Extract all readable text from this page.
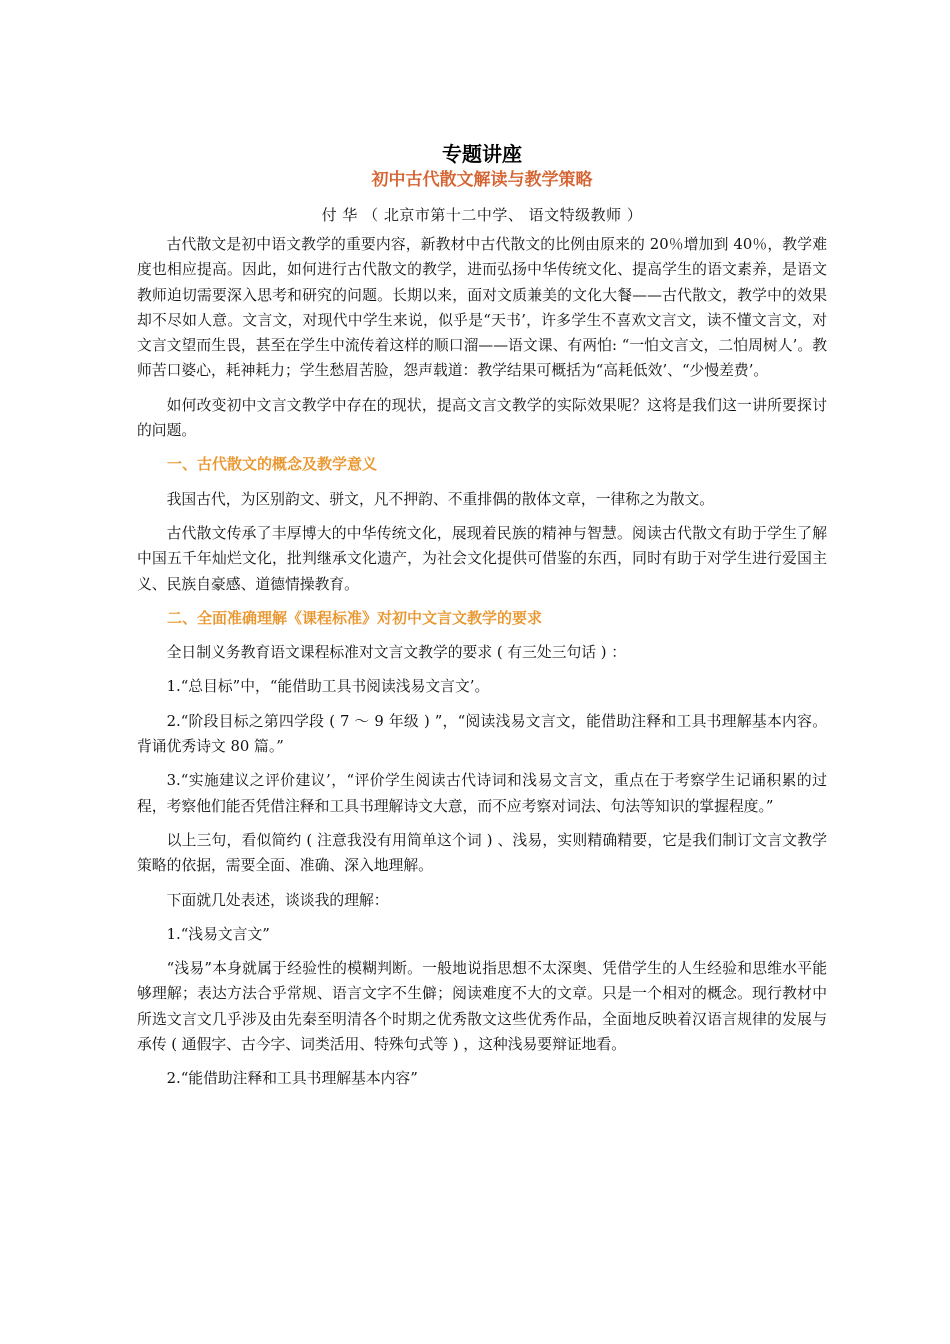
专题讲座
初中古代散文解读与教学策略
付 华 （ 北京市第十二中学、 语文特级教师 ）

古代散文是初中语文教学的重要内容，新教材中古代散文的比例由原来的 20％增加到 40％，教学难度也相应提高。因此，如何进行古代散文的教学，进而弘扬中华传统文化、提高学生的语文素养，是语文教师迫切需要深入思考和研究的问题。长期以来，面对文质兼美的文化大餐——古代散文，教学中的效果却不尽如人意。文言文，对现代中学生来说，似乎是“天书’，许多学生不喜欢文言文，读不懂文言文，对文言文望而生畏，甚至在学生中流传着这样的顺口溜——语文课、有两怕: “一怕文言文，二怕周树人’。教师苦口婆心，耗神耗力；学生愁眉苦脸，怨声载道：教学结果可概括为“高耗低效’、“少慢差费’。

如何改变初中文言文教学中存在的现状，提高文言文教学的实际效果呢？这将是我们这一讲所要探讨的问题。

一、古代散文的概念及教学意义

我国古代，为区别韵文、骈文，凡不押韵、不重排偶的散体文章，一律称之为散文。

古代散文传承了丰厚博大的中华传统文化，展现着民族的精神与智慧。阅读古代散文有助于学生了解中国五千年灿烂文化，批判继承文化遗产，为社会文化提供可借鉴的东西，同时有助于对学生进行爱国主义、民族自豪感、道德情操教育。

二、全面准确理解《课程标准》对初中文言文教学的要求

全日制义务教育语文课程标准对文言文教学的要求 ( 有三处三句话 ) ：

1.“总目标”中，“能借助工具书阅读浅易文言文’。

2.“阶段目标之第四学段 ( 7 ～ 9 年级 ) ”，“阅读浅易文言文，能借助注释和工具书理解基本内容。背诵优秀诗文 80 篇。”

3.“实施建议之评价建议’，“评价学生阅读古代诗词和浅易文言文，重点在于考察学生记诵积累的过程，考察他们能否凭借注释和工具书理解诗文大意，而不应考察对词法、句法等知识的掌握程度。”

以上三句，看似简约 ( 注意我没有用简单这个词 ) 、浅易，实则精确精要，它是我们制订文言文教学策略的依据，需要全面、准确、深入地理解。

下面就几处表述，谈谈我的理解：

1.“浅易文言文”

“浅易”本身就属于经验性的模糊判断。一般地说指思想不太深奥、凭借学生的人生经验和思维水平能够理解；表达方法合乎常规、语言文字不生僻；阅读难度不大的文章。只是一个相对的概念。现行教材中所选文言文几乎涉及由先秦至明清各个时期之优秀散文这些优秀作品，全面地反映着汉语言规律的发展与承传 ( 通假字、古今字、词类活用、特殊句式等 ) ，这种浅易要辩证地看。

2.“能借助注释和工具书理解基本内容”
